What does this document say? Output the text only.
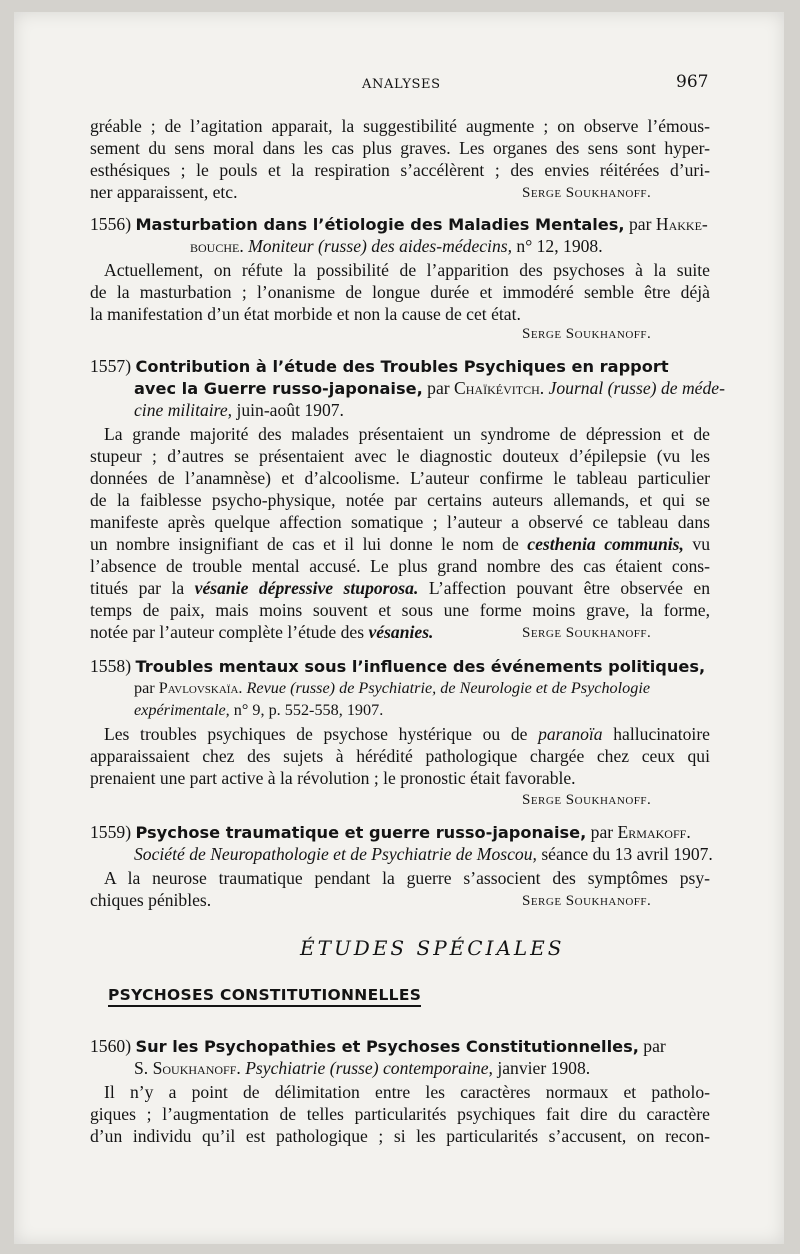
ANALYSES	967
gréable ; de l’agitation apparait, la suggestibilité augmente ; on observe l’émous-
sement du sens moral dans les cas plus graves. Les organes des sens sont hyper-
esthésiques ; le pouls et la respiration s’accélèrent ; des envies réitérées d’uri-
ner apparaissent, etc.	Serge Soukhanoff.
1556) Masturbation dans l’étiologie des Maladies Mentales, par Hakke-
bouche. Moniteur (russe) des aides-médecins, n° 12, 1908.
Actuellement, on réfute la possibilité de l’apparition des psychoses à la suite
de la masturbation ; l’onanisme de longue durée et immodéré semble être déjà
la manifestation d’un état morbide et non la cause de cet état.
Serge Soukhanoff.
1557) Contribution à l’étude des Troubles Psychiques en rapport
avec la Guerre russo-japonaise, par Chaïkévitch. Journal (russe) de méde-
cine militaire, juin-août 1907.
La grande majorité des malades présentaient un syndrome de dépression et de
stupeur ; d’autres se présentaient avec le diagnostic douteux d’épilepsie (vu les
données de l’anamnèse) et d’alcoolisme. L’auteur confirme le tableau particulier
de la faiblesse psycho-physique, notée par certains auteurs allemands, et qui se
manifeste après quelque affection somatique ; l’auteur a observé ce tableau dans
un nombre insignifiant de cas et il lui donne le nom de cesthenia communis, vu
l’absence de trouble mental accusé. Le plus grand nombre des cas étaient cons-
titués par la vésanie dépressive stuporosa. L’affection pouvant être observée en
temps de paix, mais moins souvent et sous une forme moins grave, la forme,
notée par l’auteur complète l’étude des vésanies.	Serge Soukhanoff.
1558) Troubles mentaux sous l’influence des événements politiques,
par Pavlovskaïa. Revue (russe) de Psychiatrie, de Neurologie et de Psychologie
expérimentale, n° 9, p. 552-558, 1907.
Les troubles psychiques de psychose hystérique ou de paranoïa hallucinatoire
apparaissaient chez des sujets à hérédité pathologique chargée chez ceux qui
prenaient une part active à la révolution ; le pronostic était favorable.
Serge Soukhanoff.
1559) Psychose traumatique et guerre russo-japonaise, par Ermakoff.
Société de Neuropathologie et de Psychiatrie de Moscou, séance du 13 avril 1907.
A la neurose traumatique pendant la guerre s’associent des symptômes psy-
chiques pénibles.	Serge Soukhanoff.
ÉTUDES SPÉCIALES
PSYCHOSES CONSTITUTIONNELLES
1560) Sur les Psychopathies et Psychoses Constitutionnelles, par
S. Soukhanoff. Psychiatrie (russe) contemporaine, janvier 1908.
Il n’y a point de délimitation entre les caractères normaux et patholo-
giques ; l’augmentation de telles particularités psychiques fait dire du caractère
d’un individu qu’il est pathologique ; si les particularités s’accusent, on recon-
